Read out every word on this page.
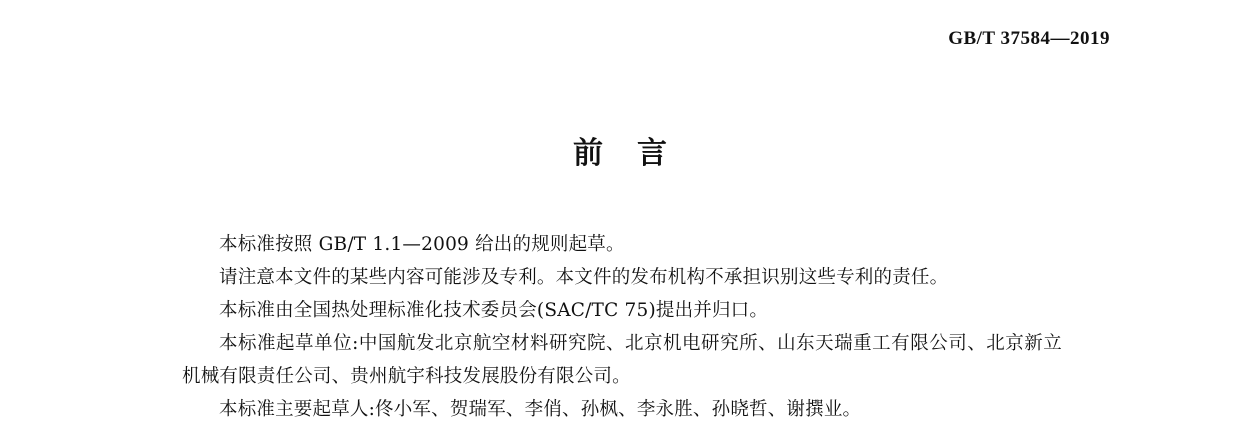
GB/T 37584—2019
前言

本标准按照 GB/T 1.1—2009 给出的规则起草。

请注意本文件的某些内容可能涉及专利。本文件的发布机构不承担识别这些专利的责任。

本标准由全国热处理标准化技术委员会(SAC/TC 75)提出并归口。

本标准起草单位:中国航发北京航空材料研究院、北京机电研究所、山东天瑞重工有限公司、北京新立机械有限责任公司、贵州航宇科技发展股份有限公司。

本标准主要起草人:佟小军、贺瑞军、李俏、孙枫、李永胜、孙晓哲、谢撰业。
